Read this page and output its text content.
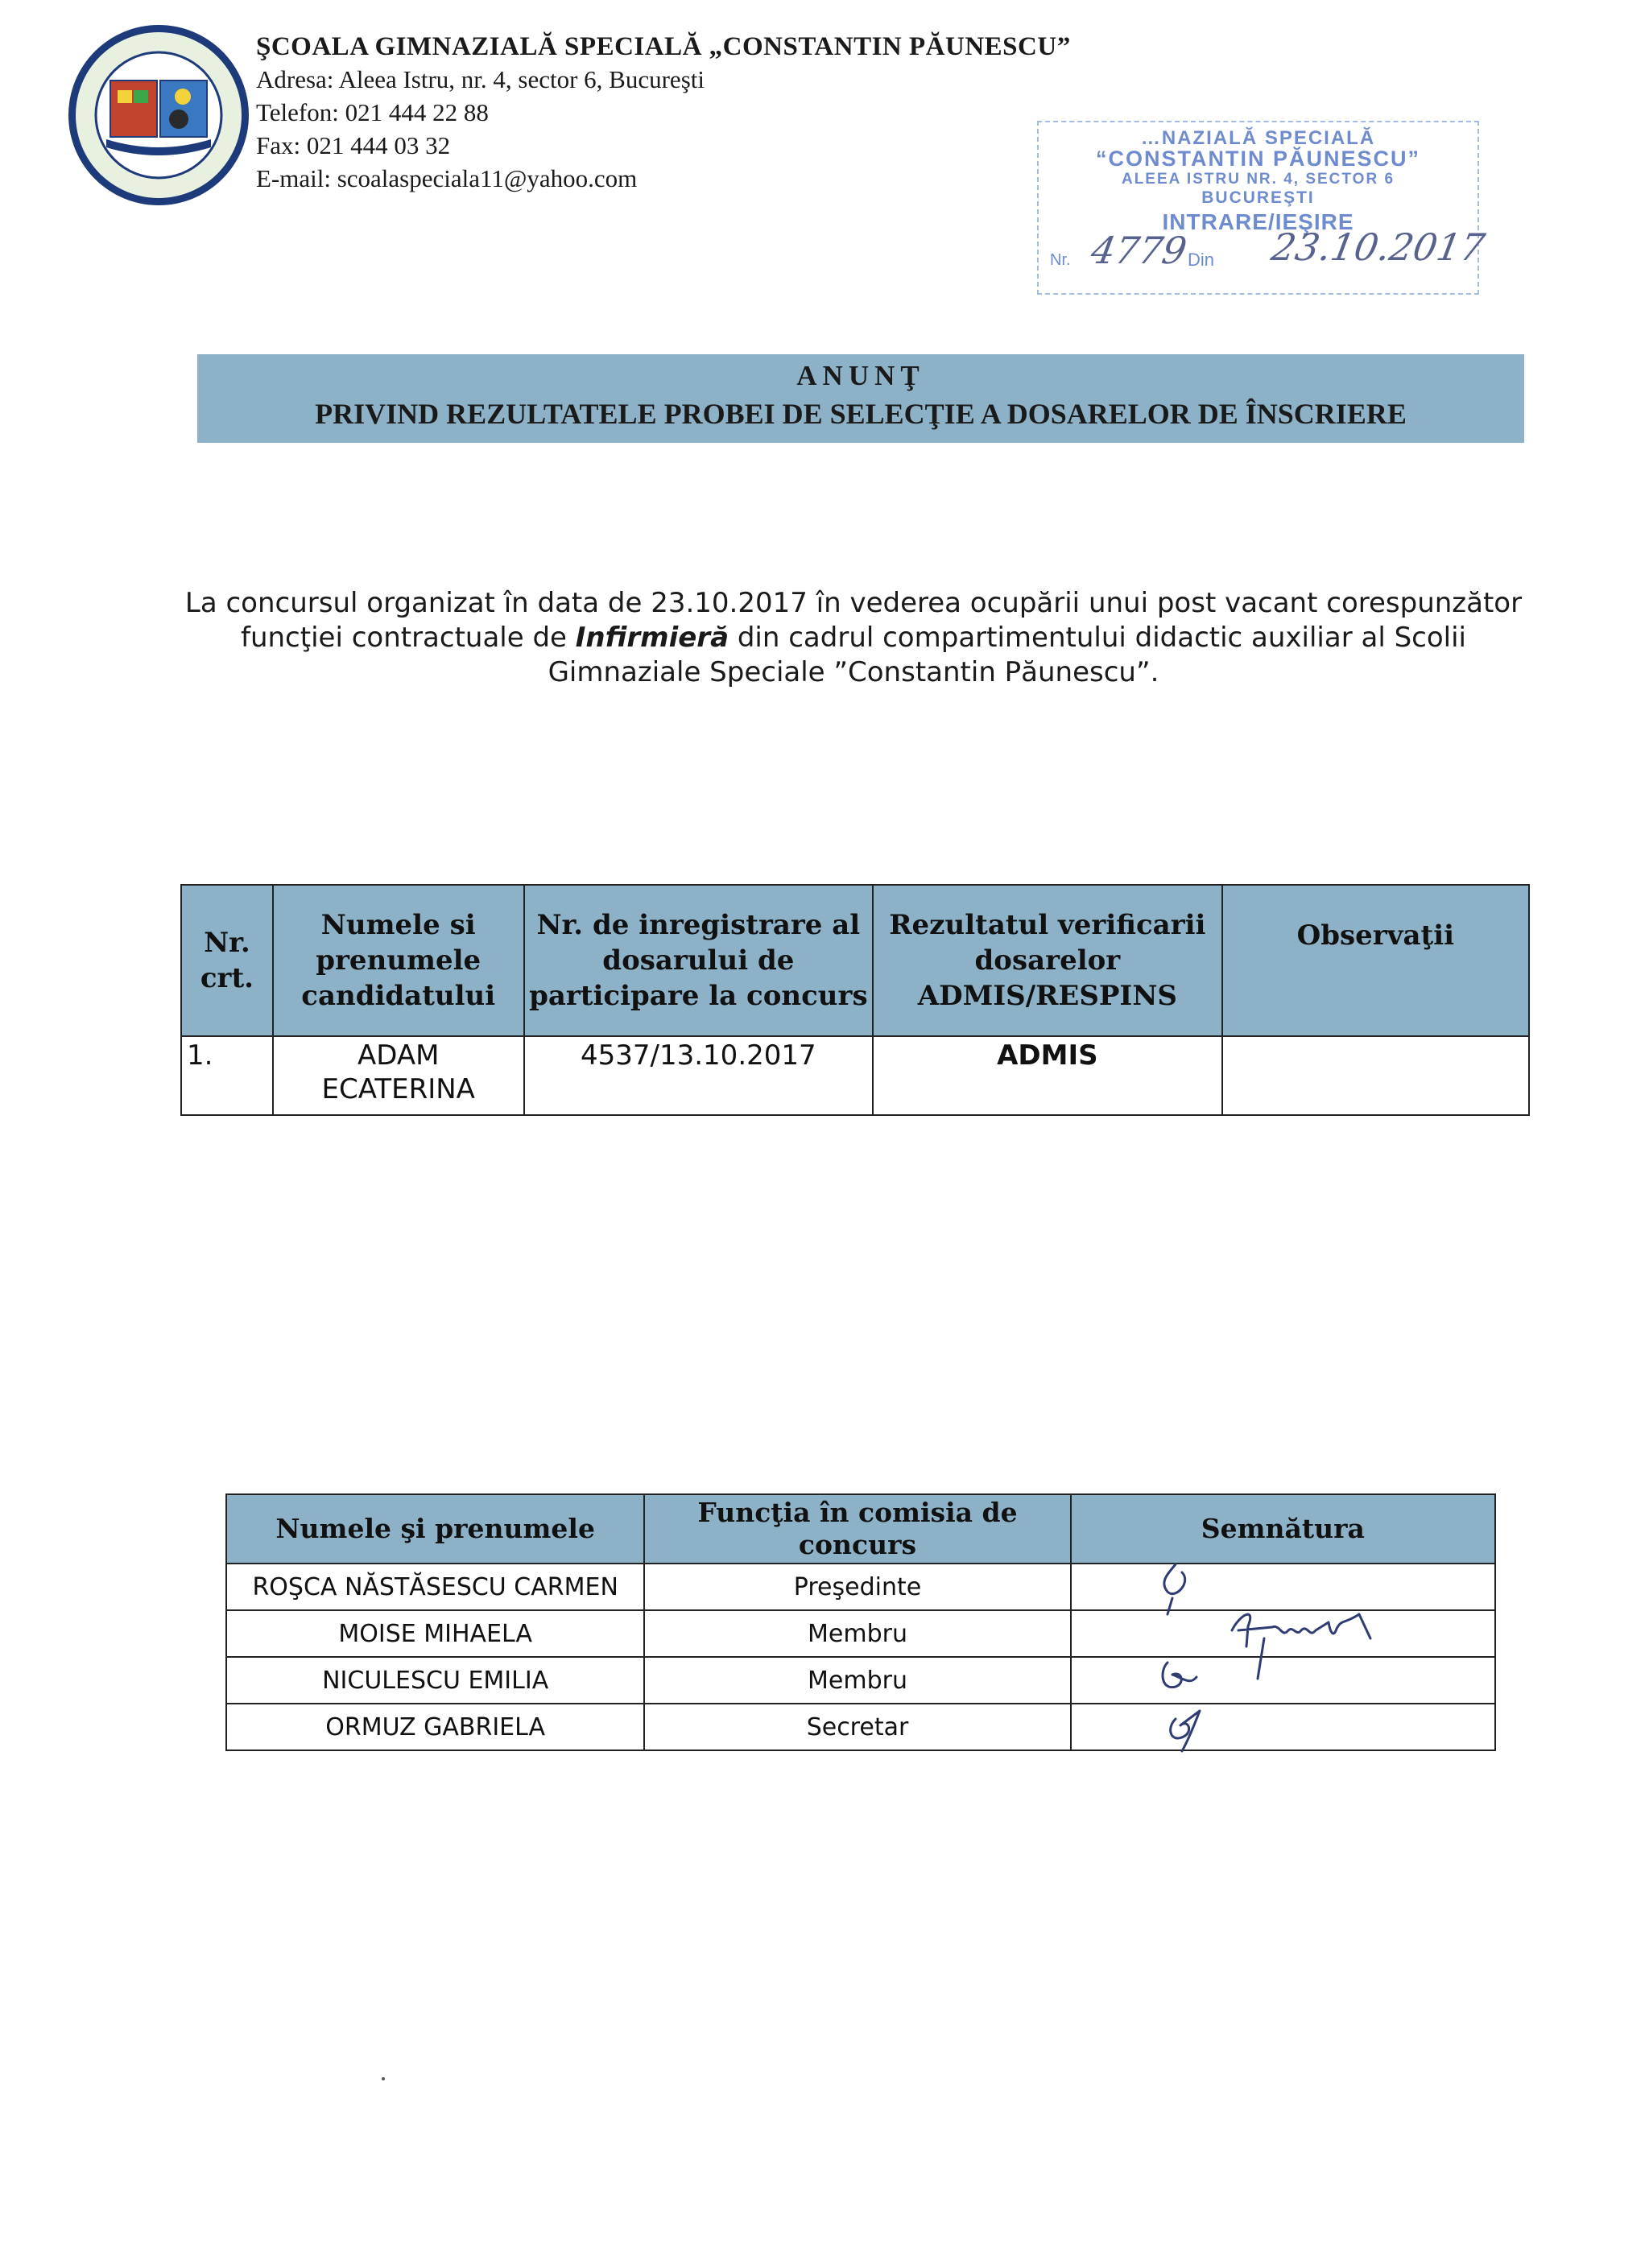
ŞCOALA GIMNAZIALĂ SPECIALĂ „CONSTANTIN PĂUNESCU”
Adresa: Aleea Istru, nr. 4, sector 6, Bucureşti
Telefon: 021 444 22 88
Fax: 021 444 03 32
E-mail: scoalaspeciala11@yahoo.com
…NAZIALĂ SPECIALĂ
“CONSTANTIN PĂUNESCU”
ALEEA ISTRU NR. 4, SECTOR 6
BUCUREŞTI
INTRARE/IEŞIRE
Nr. 4779
Din 23.10.2017
ANUNŢ
PRIVIND REZULTATELE PROBEI DE SELECŢIE A DOSARELOR DE ÎNSCRIERE
La concursul organizat în data de 23.10.2017 în vederea ocupării unui post vacant corespunzător funcţiei contractuale de Infirmieră din cadrul compartimentului didactic auxiliar al Scolii Gimnaziale Speciale ”Constantin Păunescu”.
Nr. crt.	Numele si prenumele candidatului	Nr. de inregistrare al dosarului de participare la concurs	Rezultatul verificarii dosarelor ADMIS/RESPINS	Observaţii
1.	ADAM ECATERINA	4537/13.10.2017	ADMIS	
Numele şi prenumele	Funcţia în comisia de concurs	Semnătura
ROŞCA NĂSTĂSESCU CARMEN	Preşedinte	
MOISE MIHAELA	Membru	
NICULESCU EMILIA	Membru	
ORMUZ GABRIELA	Secretar	
